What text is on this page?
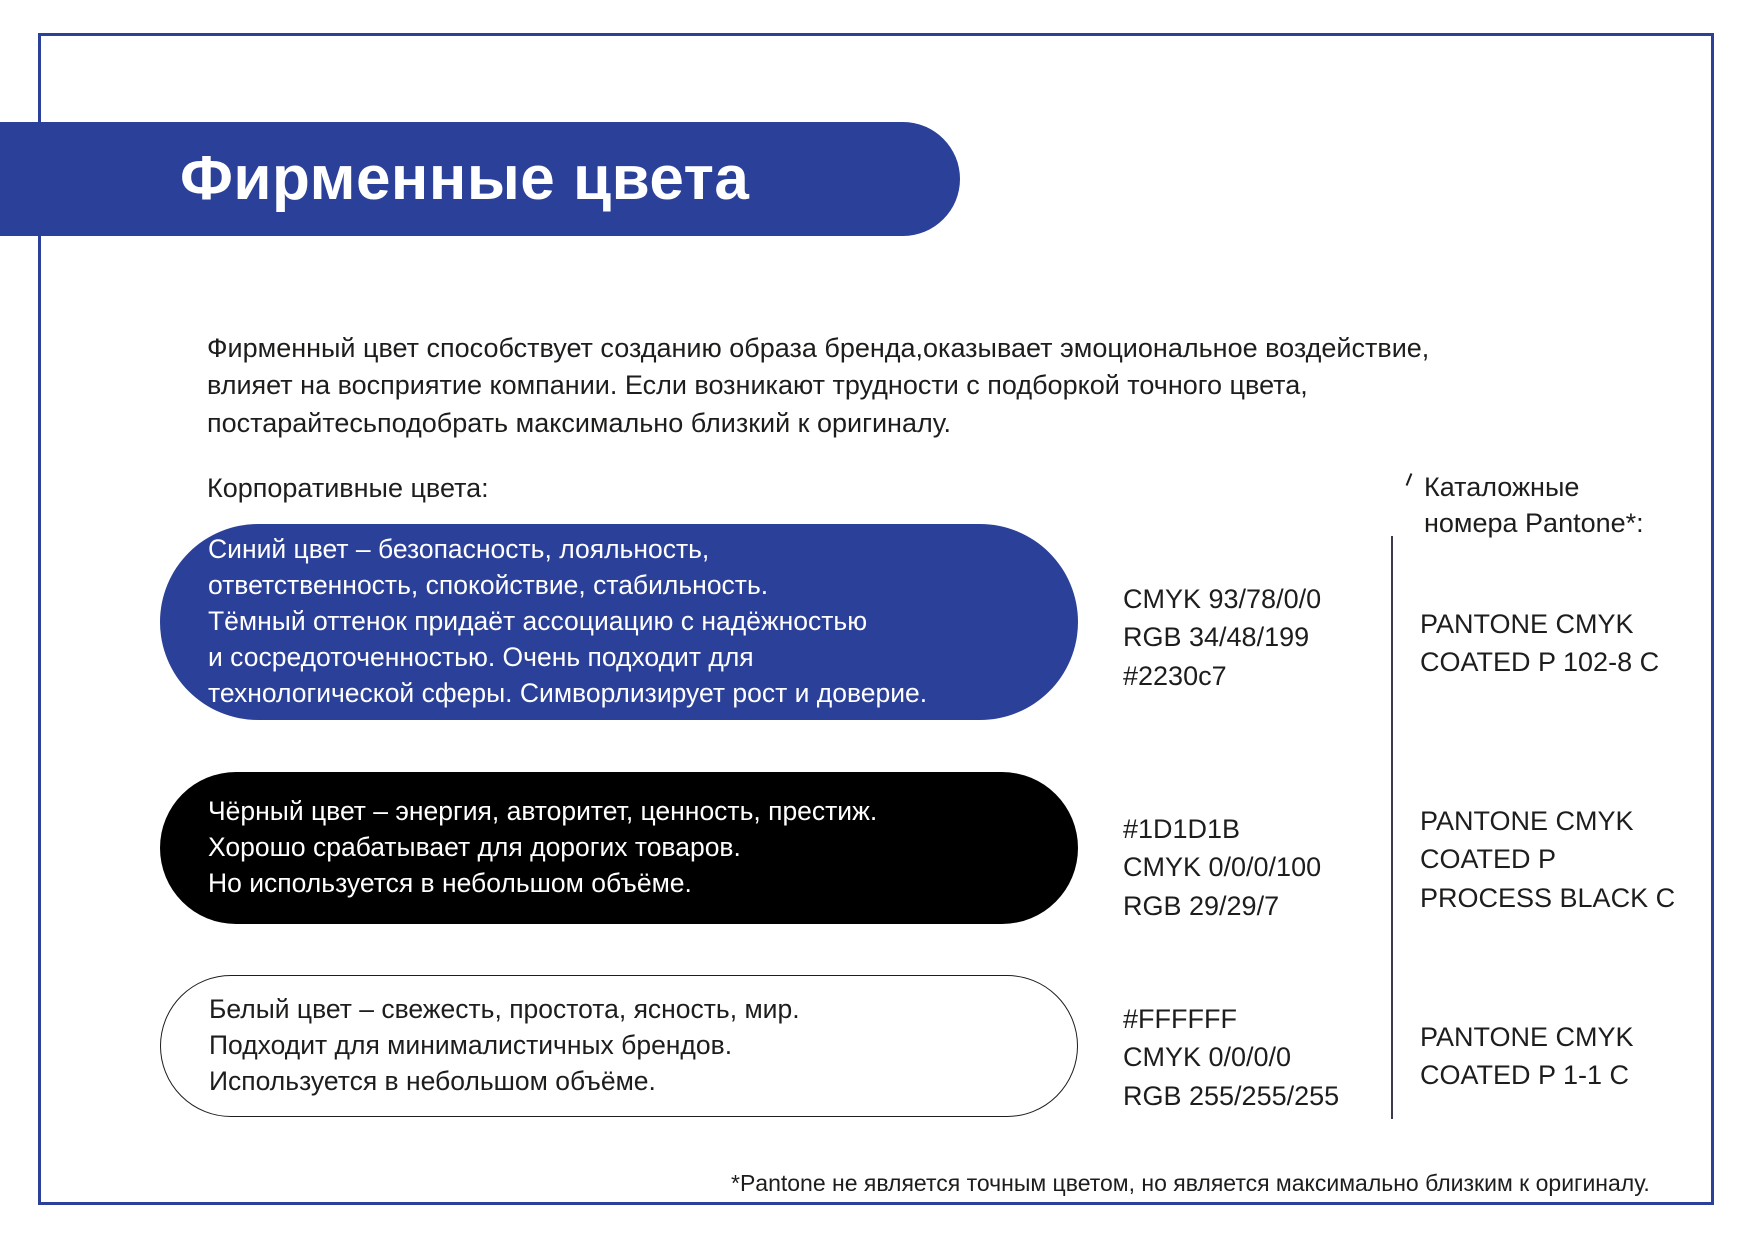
Фирменные цвета
Фирменный цвет способствует созданию образа бренда,оказывает эмоциональное воздействие,
влияет на восприятие компании. Если возникают трудности с подборкой точного цвета,
постарайтесьподобрать максимально близкий к оригиналу.
Корпоративные цвета:	Каталожные
номера Pantone*:
Синий цвет – безопасность, лояльность,
ответственность, спокойствие, стабильность.
Тёмный оттенок придаёт ассоциацию с надёжностью
и сосредоточенностью. Очень подходит для
технологической сферы. Симворлизирует рост и доверие.
CMYK 93/78/0/0
RGB 34/48/199
#2230c7
PANTONE CMYK
COATED P 102-8 C
Чёрный цвет – энергия, авторитет, ценность, престиж.
Хорошо срабатывает для дорогих товаров.
Но используется в небольшом объёме.
#1D1D1B
CMYK 0/0/0/100
RGB 29/29/7
PANTONE CMYK
COATED P
PROCESS BLACK C
Белый цвет – свежесть, простота, ясность, мир.
Подходит для минималистичных брендов.
Используется в небольшом объёме.
#FFFFFF
CMYK 0/0/0/0
RGB 255/255/255
PANTONE CMYK
COATED P 1-1 C
*Pantone не является точным цветом, но является максимально близким к оригиналу.
